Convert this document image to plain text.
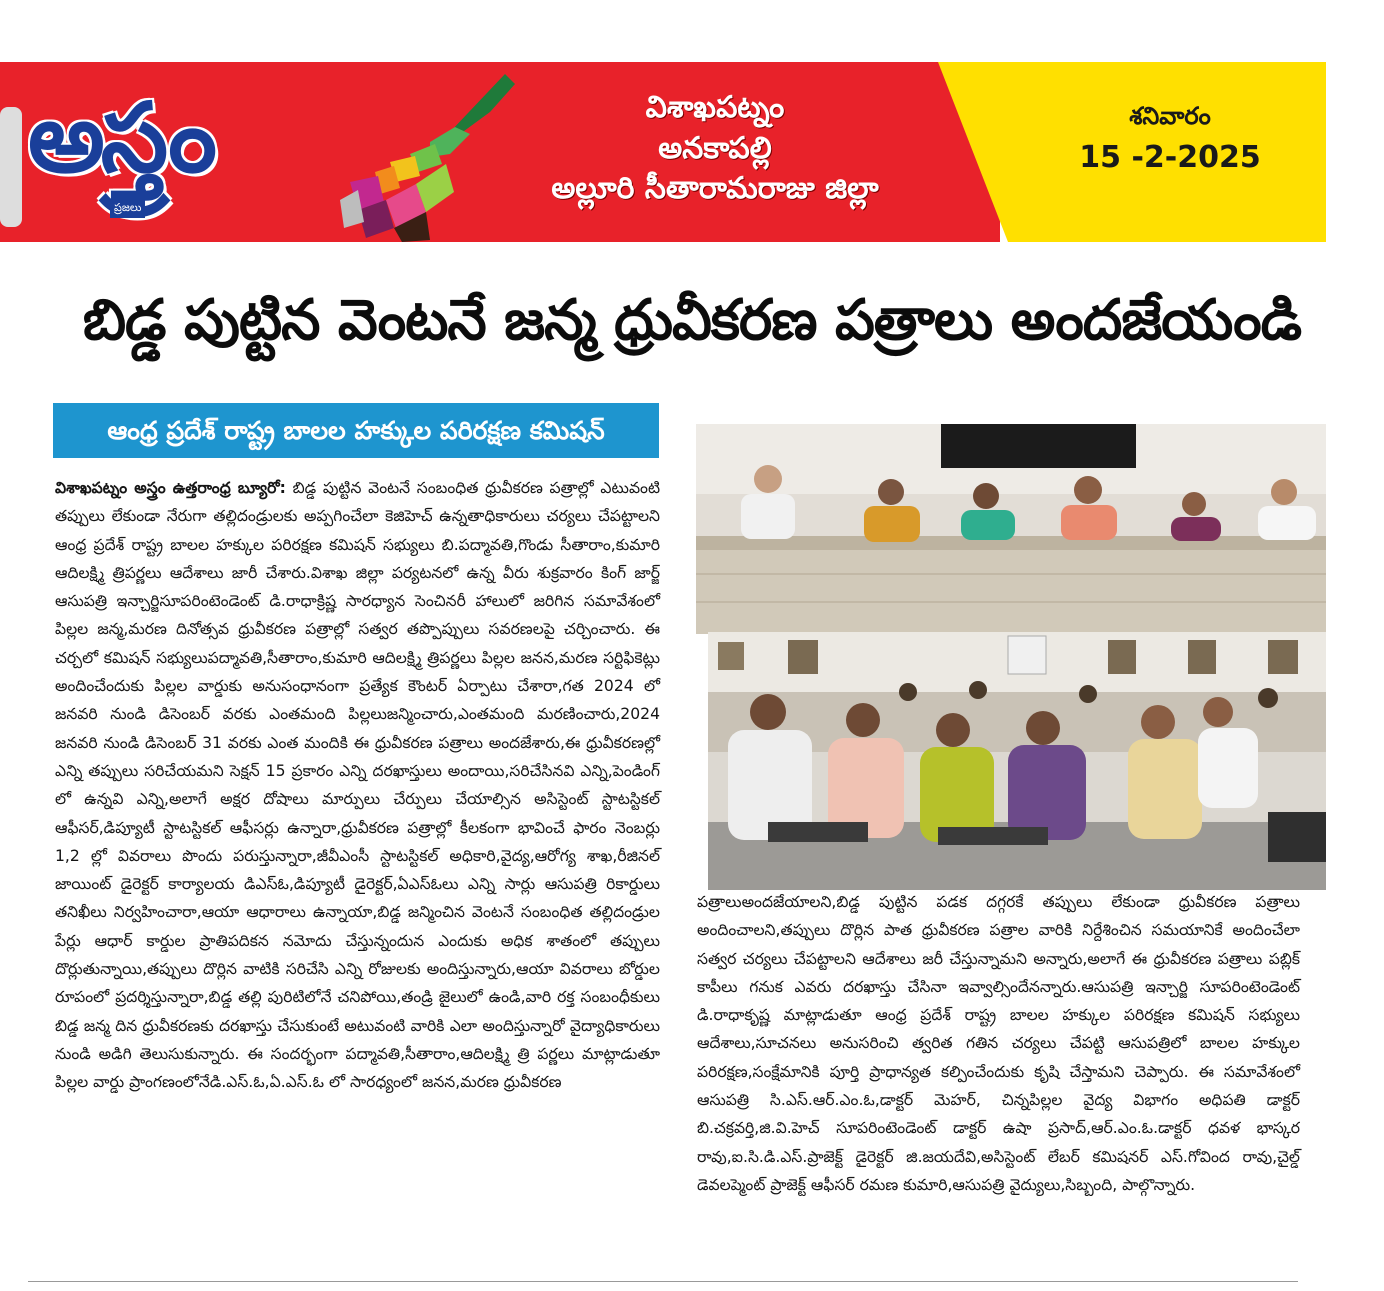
అస్త్రం
ప్రజలు
విశాఖపట్నం
అనకాపల్లి
అల్లూరి సీతారామరాజు జిల్లా
శనివారం
15 -2-2025
బిడ్డ పుట్టిన వెంటనే జన్మ ధ్రువీకరణ పత్రాలు అందజేయండి
ఆంధ్ర ప్రదేశ్ రాష్ట్ర బాలల హక్కుల పరిరక్షణ కమిషన్
విశాఖపట్నం అస్త్రం ఉత్తరాంధ్ర బ్యూరో: బిడ్డ పుట్టిన వెంటనే సంబంధిత ధ్రువీకరణ పత్రాల్లో ఎటువంటి తప్పులు లేకుండా నేరుగా తల్లిదండ్రులకు అప్పగించేలా కెజిహెచ్ ఉన్నతాధికారులు చర్యలు చేపట్టాలని ఆంధ్ర ప్రదేశ్ రాష్ట్ర బాలల హక్కుల పరిరక్షణ కమిషన్ సభ్యులు బి.పద్మావతి,గొండు సీతారాం,కుమారి ఆదిలక్ష్మి త్రిపర్ణలు ఆదేశాలు జారీ చేశారు.విశాఖ జిల్లా పర్యటనలో ఉన్న వీరు శుక్రవారం కింగ్ జార్జ్ ఆసుపత్రి ఇన్చార్జిసూపరింటెండెంట్ డి.రాధాక్రిష్ణ సారధ్యాన సెంచినరీ హాలులో జరిగిన సమావేశంలో పిల్లల జన్మ,మరణ దినోత్సవ ధ్రువీకరణ పత్రాల్లో సత్వర తప్పొప్పులు సవరణలపై చర్చించారు. ఈ చర్చలో కమిషన్ సభ్యులుపద్మావతి,సీతారాం,కుమారి ఆదిలక్ష్మి త్రిపర్ణలు పిల్లల జనన,మరణ సర్టిఫికెట్లు అందించేందుకు పిల్లల వార్డుకు అనుసంధానంగా ప్రత్యేక కౌంటర్ ఏర్పాటు చేశారా,గత 2024 లో జనవరి నుండి డిసెంబర్ వరకు ఎంతమంది పిల్లలుజన్మించారు,ఎంతమంది మరణించారు,2024 జనవరి నుండి డిసెంబర్ 31 వరకు ఎంత మందికి ఈ ధ్రువీకరణ పత్రాలు అందజేశారు,ఈ ధ్రువీకరణల్లో ఎన్ని తప్పులు సరిచేయమని సెక్షన్ 15 ప్రకారం ఎన్ని దరఖాస్తులు అందాయి,సరిచేసినవి ఎన్ని,పెండింగ్ లో ఉన్నవి ఎన్ని,అలాగే అక్షర దోషాలు మార్పులు చేర్పులు చేయాల్సిన అసిస్టెంట్ స్టాటస్టికల్ ఆఫీసర్,డిప్యూటీ స్టాటస్టికల్ ఆఫీసర్లు ఉన్నారా,ధ్రువీకరణ పత్రాల్లో కీలకంగా భావించే ఫారం నెంబర్లు 1,2 ల్లో వివరాలు పొందు పరుస్తున్నారా,జీవీఎంసీ స్టాటస్టికల్ అధికారి,వైద్య,ఆరోగ్య శాఖ,రీజినల్ జాయింట్ డైరెక్టర్ కార్యాలయ డిఎస్ఓ,డిప్యూటీ డైరెక్టర్,ఏఎస్ఓలు ఎన్ని సార్లు ఆసుపత్రి రికార్డులు తనిఖీలు నిర్వహించారా,ఆయా ఆధారాలు ఉన్నాయా,బిడ్డ జన్మించిన వెంటనే సంబంధిత తల్లిదండ్రుల పేర్లు ఆధార్ కార్డుల ప్రాతిపదికన నమోదు చేస్తున్నందున ఎందుకు అధిక శాతంలో తప్పులు దొర్లుతున్నాయి,తప్పులు దొర్లిన వాటికి సరిచేసి ఎన్ని రోజులకు అందిస్తున్నారు,ఆయా వివరాలు బోర్డుల రూపంలో ప్రదర్శిస్తున్నారా,బిడ్డ తల్లి పురిటిలోనే చనిపోయి,తండ్రి జైలులో ఉండి,వారి రక్త సంబంధీకులు బిడ్డ జన్మ దిన ధ్రువీకరణకు దరఖాస్తు చేసుకుంటే అటువంటి వారికి ఎలా అందిస్తున్నారో వైద్యాధికారులు నుండి అడిగి తెలుసుకున్నారు. ఈ సందర్భంగా పద్మావతి,సీతారాం,ఆదిలక్ష్మి త్రి పర్ణలు మాట్లాడుతూ పిల్లల వార్డు ప్రాంగణంలోనేడి.ఎస్.ఓ,ఏ.ఎస్.ఓ లో సారధ్యంలో జనన,మరణ ధ్రువీకరణ
పత్రాలుఅందజేయాలని,బిడ్డ పుట్టిన పడక దగ్గరకే తప్పులు లేకుండా ధ్రువీకరణ పత్రాలు అందించాలని,తప్పులు దొర్లిన పాత ధ్రువీకరణ పత్రాల వారికి నిర్దేశించిన సమయానికే అందించేలా సత్వర చర్యలు చేపట్టాలని ఆదేశాలు జరీ చేస్తున్నామని అన్నారు,అలాగే ఈ ధ్రువీకరణ పత్రాలు పబ్లిక్ కాపీలు గనుక ఎవరు దరఖాస్తు చేసినా ఇవ్వాల్సిందేనన్నారు.ఆసుపత్రి ఇన్చార్జి సూపరింటెండెంట్ డి.రాధాకృష్ణ మాట్లాడుతూ ఆంధ్ర ప్రదేశ్ రాష్ట్ర బాలల హక్కుల పరిరక్షణ కమిషన్ సభ్యులు ఆదేశాలు,సూచనలు అనుసరించి త్వరిత గతిన చర్యలు చేపట్టి ఆసుపత్రిలో బాలల హక్కుల పరిరక్షణ,సంక్షేమానికి పూర్తి ప్రాధాన్యత కల్పించేందుకు కృషి చేస్తామని చెప్పారు. ఈ సమావేశంలో ఆసుపత్రి సి.ఎస్.ఆర్.ఎం.ఓ,డాక్టర్ మెహర్, చిన్నపిల్లల వైద్య విభాగం అధిపతి డాక్టర్ బి.చక్రవర్తి,జి.వి.హెచ్ సూపరింటెండెంట్ డాక్టర్ ఉషా ప్రసాద్,ఆర్.ఎం.ఓ.డాక్టర్ ధవళ భాస్కర రావు,ఐ.సి.డి.ఎస్.ప్రాజెక్ట్ డైరెక్టర్ జి.జయదేవి,అసిస్టెంట్ లేబర్ కమిషనర్ ఎస్.గోవింద రావు,చైల్డ్ డెవలప్మెంట్ ప్రాజెక్ట్ ఆఫీసర్ రమణ కుమారి,ఆసుపత్రి వైద్యులు,సిబ్బంది, పాల్గొన్నారు.
